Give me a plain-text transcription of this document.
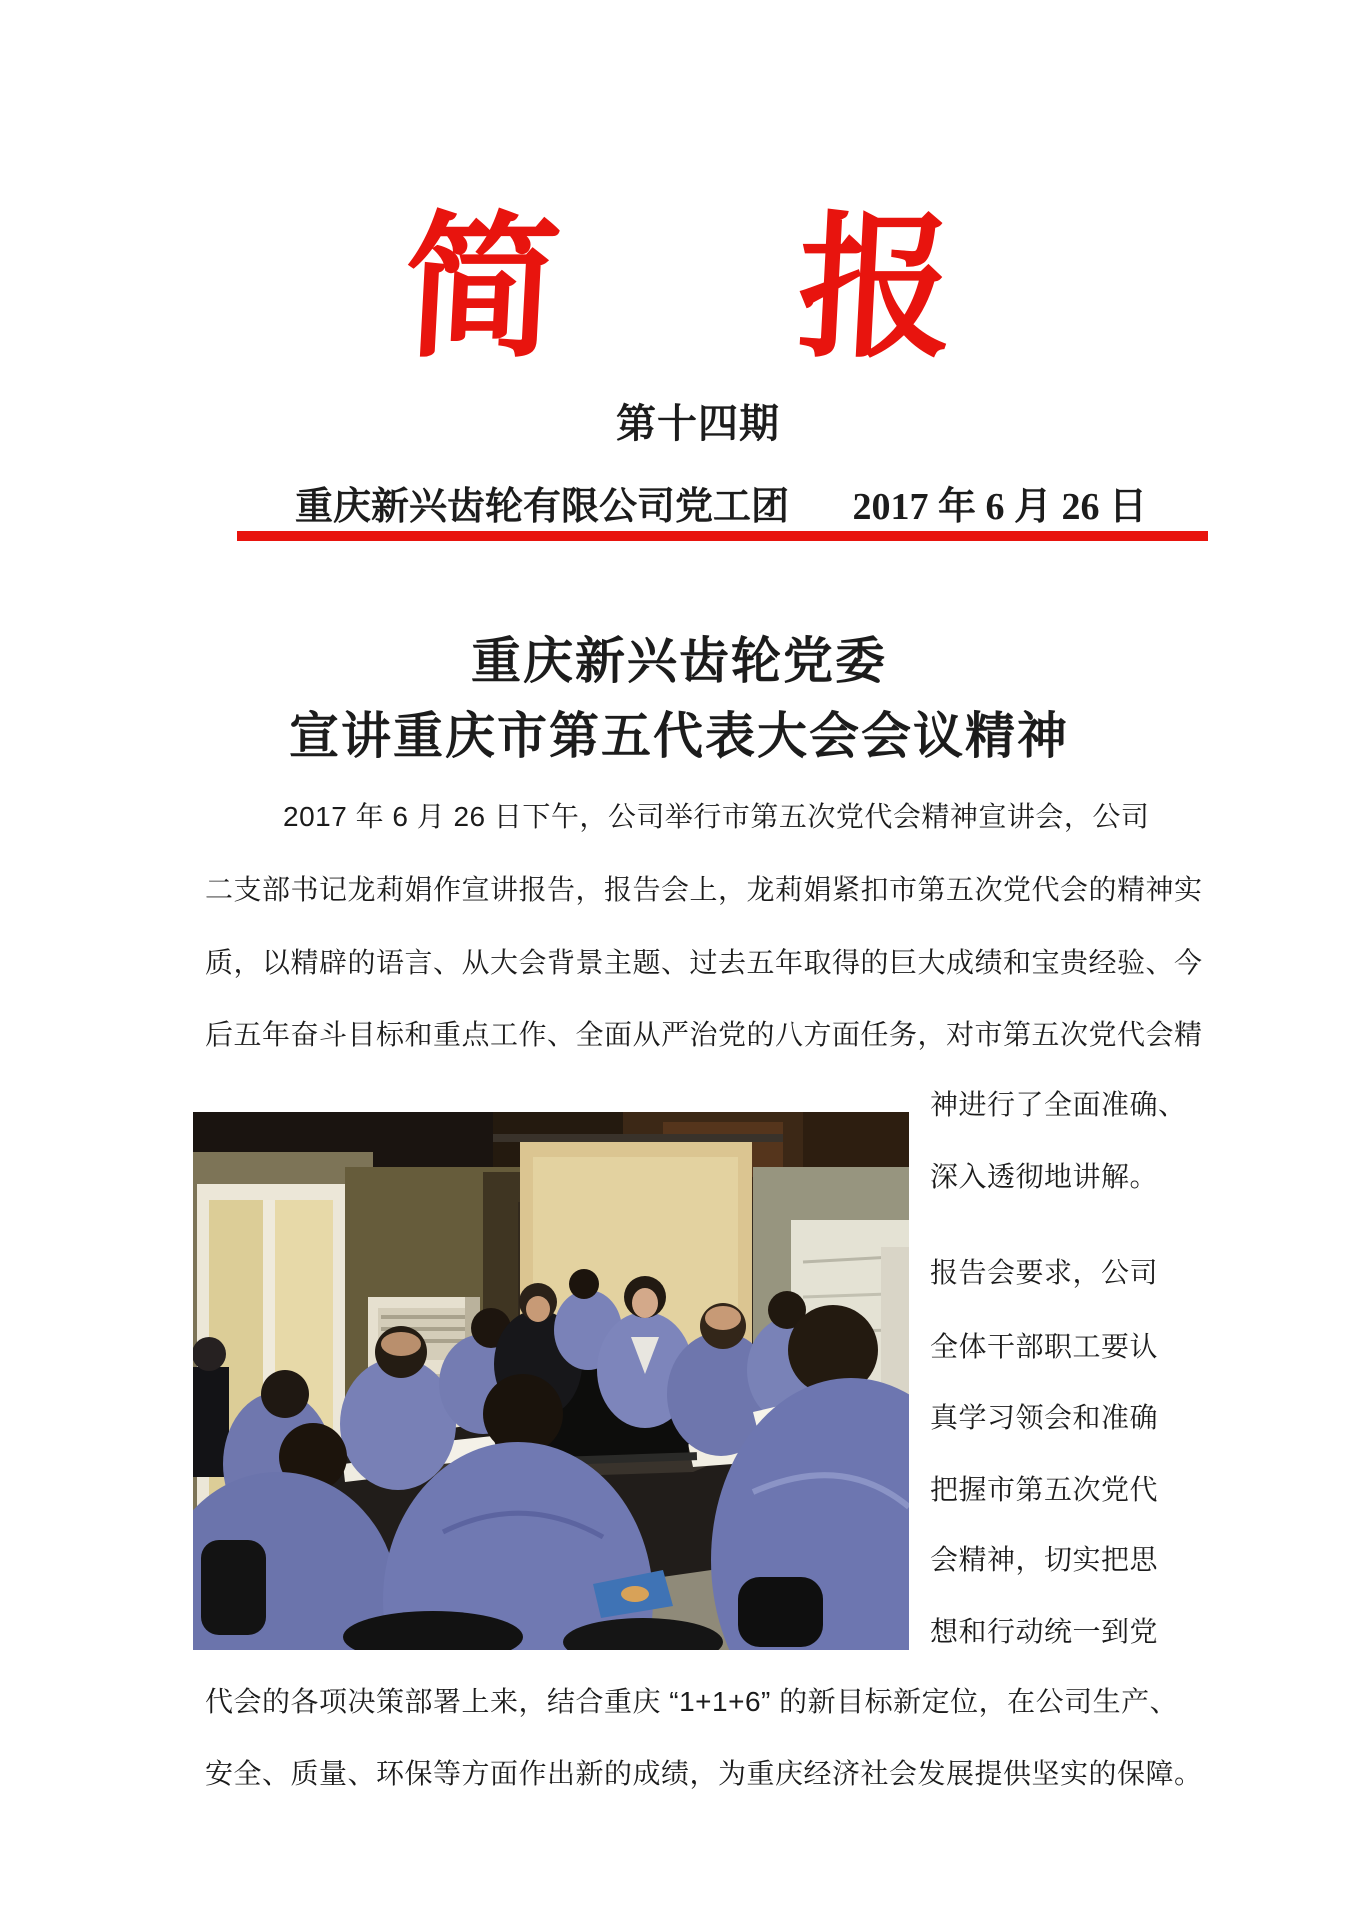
简 报
第十四期
重庆新兴齿轮有限公司党工团 2017 年 6 月 26 日
重庆新兴齿轮党委
宣讲重庆市第五代表大会会议精神
2017 年 6 月 26 日下午，公司举行市第五次党代会精神宣讲会，公司
二支部书记龙莉娟作宣讲报告，报告会上，龙莉娟紧扣市第五次党代会的精神实
质，以精辟的语言、从大会背景主题、过去五年取得的巨大成绩和宝贵经验、今
后五年奋斗目标和重点工作、全面从严治党的八方面任务，对市第五次党代会精
神进行了全面准确、
深入透彻地讲解。
报告会要求，公司
全体干部职工要认
真学习领会和准确
把握市第五次党代
会精神，切实把思
想和行动统一到党
代会的各项决策部署上来，结合重庆 “1+1+6” 的新目标新定位，在公司生产、
安全、质量、环保等方面作出新的成绩，为重庆经济社会发展提供坚实的保障。
